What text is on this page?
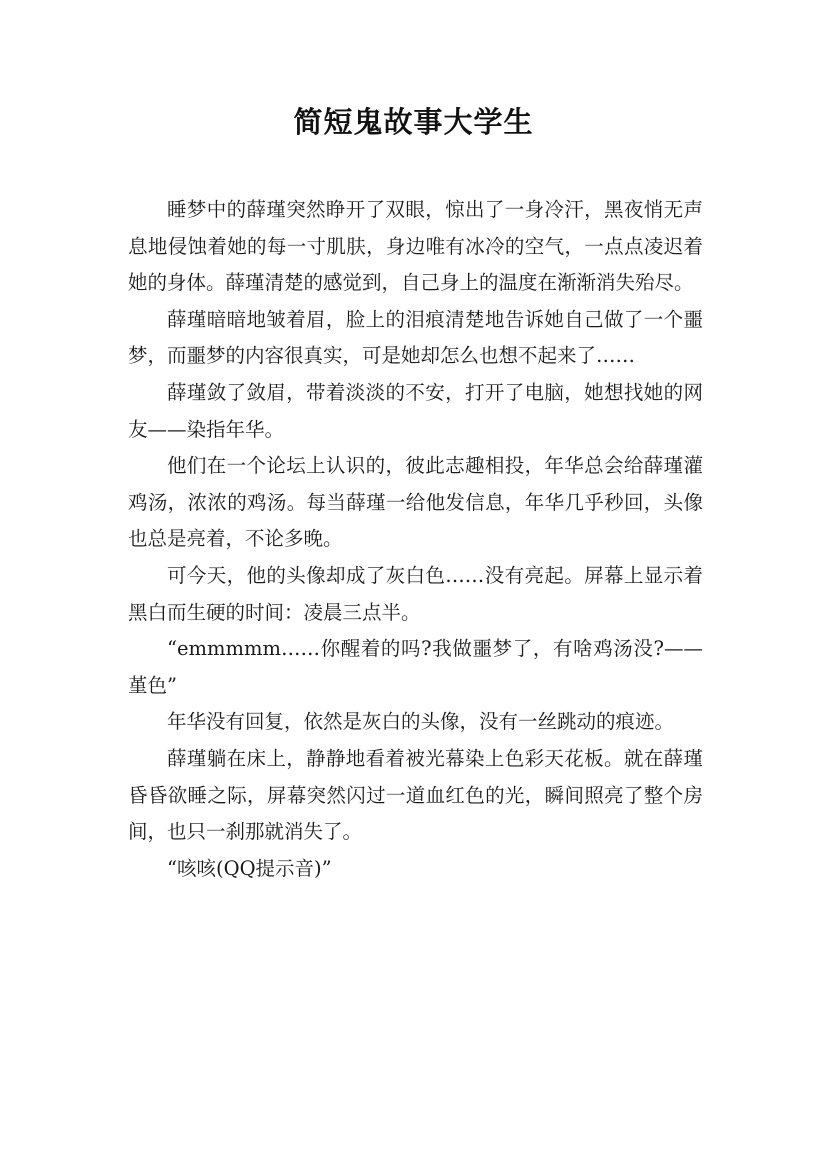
简短鬼故事大学生

睡梦中的薛瑾突然睁开了双眼，惊出了一身冷汗，黑夜悄无声息地侵蚀着她的每一寸肌肤，身边唯有冰冷的空气，一点点凌迟着她的身体。薛瑾清楚的感觉到，自己身上的温度在渐渐消失殆尽。

薛瑾暗暗地皱着眉，脸上的泪痕清楚地告诉她自己做了一个噩梦，而噩梦的内容很真实，可是她却怎么也想不起来了……

薛瑾敛了敛眉，带着淡淡的不安，打开了电脑，她想找她的网友——染指年华。

他们在一个论坛上认识的，彼此志趣相投，年华总会给薛瑾灌鸡汤，浓浓的鸡汤。每当薛瑾一给他发信息，年华几乎秒回，头像也总是亮着，不论多晚。

可今天，他的头像却成了灰白色……没有亮起。屏幕上显示着黑白而生硬的时间：凌晨三点半。

“emmmmm……你醒着的吗?我做噩梦了，有啥鸡汤没?——堇色”

年华没有回复，依然是灰白的头像，没有一丝跳动的痕迹。

薛瑾躺在床上，静静地看着被光幕染上色彩天花板。就在薛瑾昏昏欲睡之际，屏幕突然闪过一道血红色的光，瞬间照亮了整个房间，也只一刹那就消失了。

“咳咳(QQ提示音)”
